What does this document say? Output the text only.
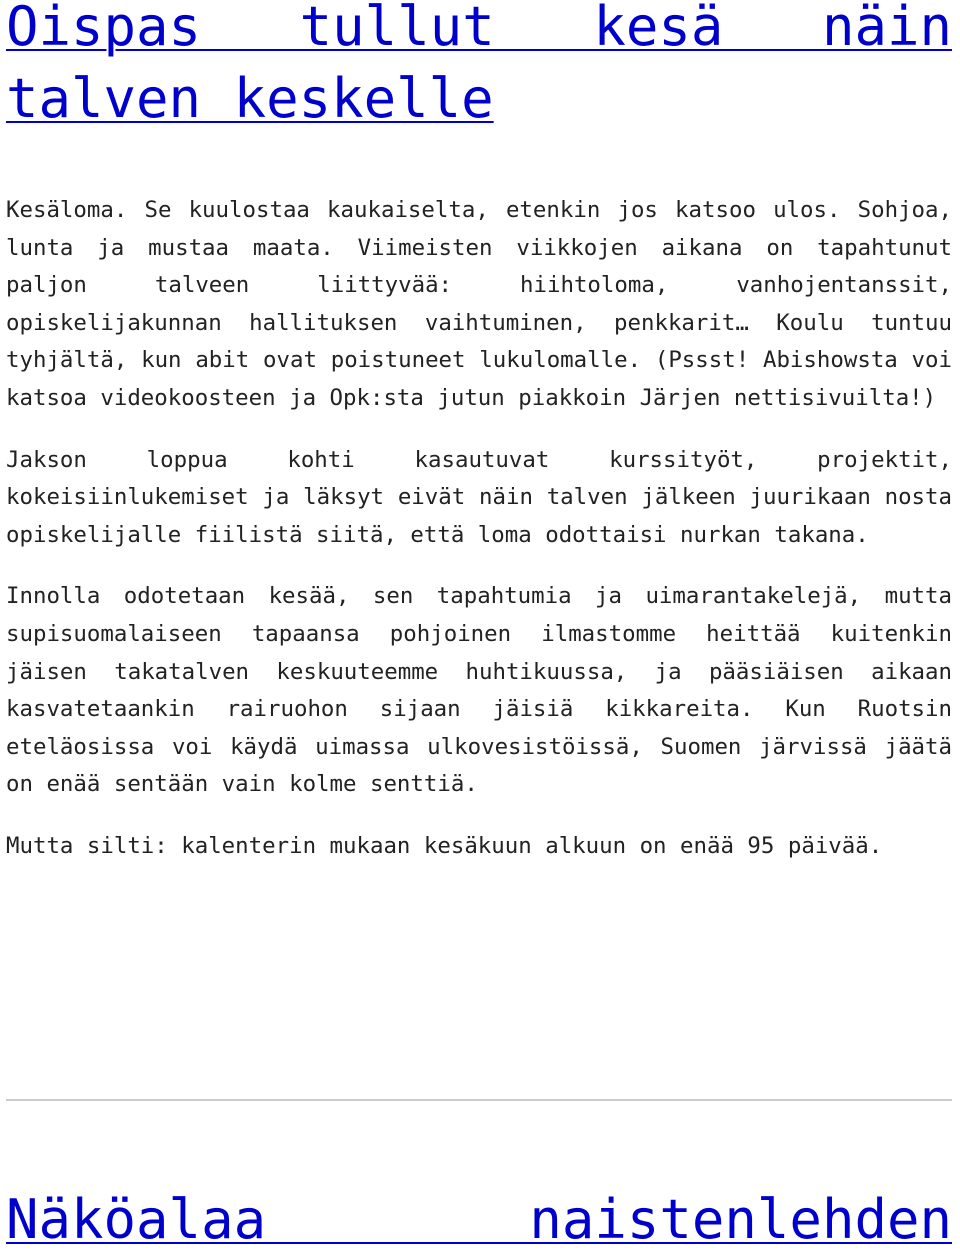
Oispas tullut kesä näin talven keskelle

Kesäloma. Se kuulostaa kaukaiselta, etenkin jos katsoo ulos. Sohjoa, lunta ja mustaa maata. Viimeisten viikkojen aikana on tapahtunut paljon talveen liittyvää: hiihtoloma, vanhojentanssit, opiskelijakunnan hallituksen vaihtuminen, penkkarit… Koulu tuntuu tyhjältä, kun abit ovat poistuneet lukulomalle. (Pssst! Abishowsta voi katsoa videokoosteen ja Opk:sta jutun piakkoin Järjen nettisivuilta!)

Jakson loppua kohti kasautuvat kurssityöt, projektit, kokeisiinlukemiset ja läksyt eivät näin talven jälkeen juurikaan nosta opiskelijalle fiilistä siitä, että loma odottaisi nurkan takana.

Innolla odotetaan kesää, sen tapahtumia ja uimarantakelejä, mutta supisuomalaiseen tapaansa pohjoinen ilmastomme heittää kuitenkin jäisen takatalven keskuuteemme huhtikuussa, ja pääsiäisen aikaan kasvatetaankin rairuohon sijaan jäisiä kikkareita. Kun Ruotsin eteläosissa voi käydä uimassa ulkovesistöissä, Suomen järvissä jäätä on enää sentään vain kolme senttiä.

Mutta silti: kalenterin mukaan kesäkuun alkuun on enää 95 päivää.

Näköalaa naistenlehden
